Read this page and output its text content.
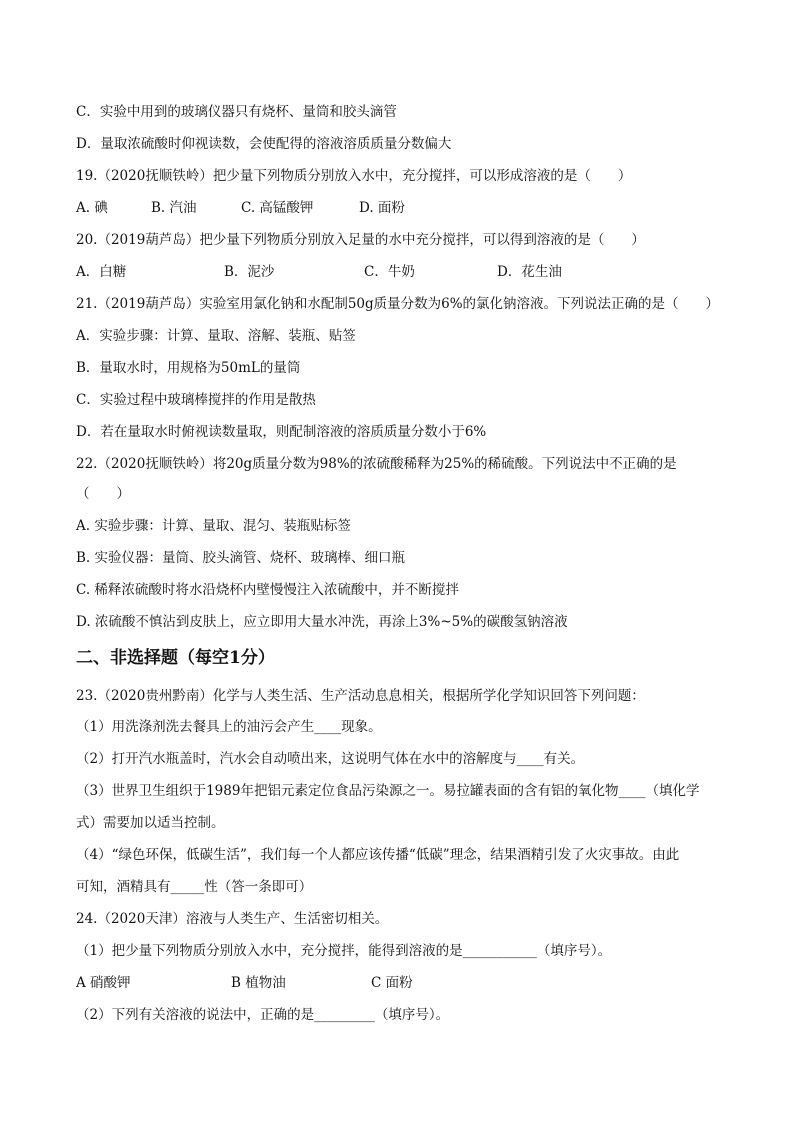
C．实验中用到的玻璃仪器只有烧杯、量筒和胶头滴管
D．量取浓硫酸时仰视读数，会使配得的溶液溶质质量分数偏大
19.（2020抚顺铁岭）把少量下列物质分别放入水中，充分搅拌，可以形成溶液的是（　　）
A. 碘	B. 汽油	C. 高锰酸钾	D. 面粉
20.（2019葫芦岛）把少量下列物质分别放入足量的水中充分搅拌，可以得到溶液的是（　　）
A．白糖	B．泥沙	C．牛奶	D．花生油
21.（2019葫芦岛）实验室用氯化钠和水配制50g质量分数为6%的氯化钠溶液。下列说法正确的是（　　）
A．实验步骤：计算、量取、溶解、装瓶、贴签
B．量取水时，用规格为50mL的量筒
C．实验过程中玻璃棒搅拌的作用是散热
D．若在量取水时俯视读数量取，则配制溶液的溶质质量分数小于6%
22.（2020抚顺铁岭）将20g质量分数为98%的浓硫酸稀释为25%的稀硫酸。下列说法中不正确的是
（　　）
A. 实验步骤：计算、量取、混匀、装瓶贴标签
B. 实验仪器：量筒、胶头滴管、烧杯、玻璃棒、细口瓶
C. 稀释浓硫酸时将水沿烧杯内壁慢慢注入浓硫酸中，并不断搅拌
D. 浓硫酸不慎沾到皮肤上，应立即用大量水冲洗，再涂上3%~5%的碳酸氢钠溶液
二、非选择题（每空1分）
23.（2020贵州黔南）化学与人类生活、生产活动息息相关，根据所学化学知识回答下列问题：
（1）用洗涤剂洗去餐具上的油污会产生____现象。
（2）打开汽水瓶盖时，汽水会自动喷出来，这说明气体在水中的溶解度与____有关。
（3）世界卫生组织于1989年把铝元素定位食品污染源之一。易拉罐表面的含有铝的氧化物____（填化学
式）需要加以适当控制。
（4）“绿色环保，低碳生活”，我们每一个人都应该传播“低碳”理念，结果酒精引发了火灾事故。由此
可知，酒精具有_____性（答一条即可）
24.（2020天津）溶液与人类生产、生活密切相关。
（1）把少量下列物质分别放入水中，充分搅拌，能得到溶液的是___________（填序号）。
A 硝酸钾	B 植物油	C 面粉
（2）下列有关溶液的说法中，正确的是_________（填序号）。
